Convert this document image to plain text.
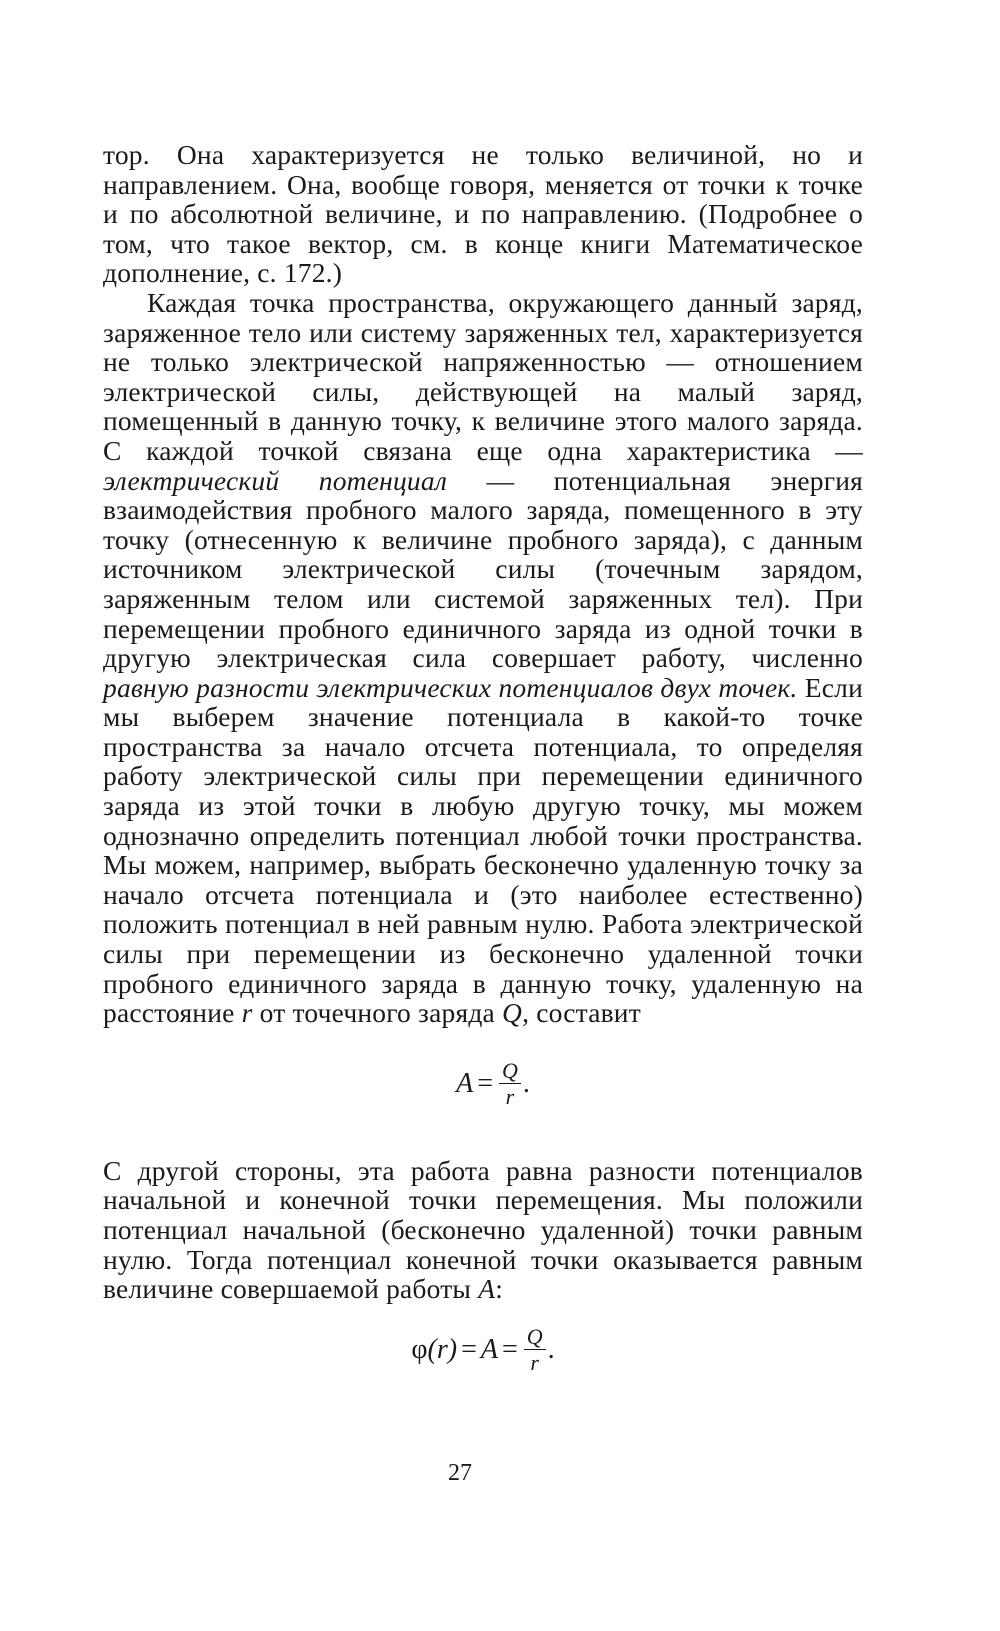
тор. Она характеризуется не только величиной, но и направлением. Она, вообще говоря, меняется от точки к точке и по абсолютной величине, и по направлению. (Подробнее о том, что такое вектор, см. в конце книги Математическое дополнение, с. 172.)

Каждая точка пространства, окружающего данный заряд, заряженное тело или систему заряженных тел, характеризуется не только электрической напряженностью — отношением электрической силы, действующей на малый заряд, помещенный в данную точку, к величине этого малого заряда. С каждой точкой связана еще одна характеристика — электрический потенциал — потенциальная энергия взаимодействия пробного малого заряда, помещенного в эту точку (отнесенную к величине пробного заряда), с данным источником электрической силы (точечным зарядом, заряженным телом или системой заряженных тел). При перемещении пробного единичного заряда из одной точки в другую электрическая сила совершает работу, численно равную разности электрических потенциалов двух точек. Если мы выберем значение потенциала в какой-то точке пространства за начало отсчета потенциала, то определяя работу электрической силы при перемещении единичного заряда из этой точки в любую другую точку, мы можем однозначно определить потенциал любой точки пространства. Мы можем, например, выбрать бесконечно удаленную точку за начало отсчета потенциала и (это наиболее естественно) положить потенциал в ней равным нулю. Работа электрической силы при перемещении из бесконечно удаленной точки пробного единичного заряда в данную точку, удаленную на расстояние r от точечного заряда Q, составит

$A = \frac{Q}{r}$ .

С другой стороны, эта работа равна разности потенциалов начальной и конечной точки перемещения. Мы положили потенциал начальной (бесконечно удаленной) точки равным нулю. Тогда потенциал конечной точки оказывается равным величине совершаемой работы A:

φ $(r) = A = \frac{Q}{r}$ .
27
